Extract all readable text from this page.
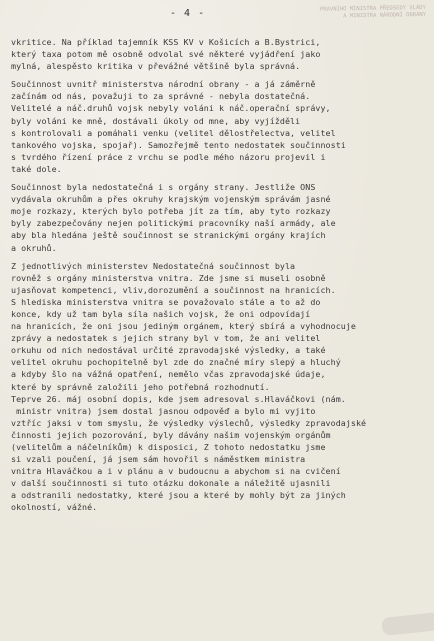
- 4 -	PRAVNÍHO MÍNISTRA PŘEDSEDY VLÁDY
A MINISTRA NÁRODNÍ OBRANY
vkritice. Na příklad tajemník KSS KV v Košicích a B.Bystrici,
který taxa potom mě osobně odvolal své některé vyjádření jako
mylná, alespěsto kritika v převážné většině byla správná.
Součinnost uvnitř ministerstva národní obrany - a já záměrně
začínám od nás, považuji to za správné - nebyla dostatečná.
Velitelé a náč.druhů vojsk nebyly voláni k náč.operační správy,
byly voláni ke mně, dostávali úkoly od mne, aby vyjížděli
s kontrolovali a pomáhali venku (velitel dělostřelectva, velitel
tankového vojska, spojař). Samozřejmě tento nedostatek součinnosti
s tvrdého řízení práce z vrchu se podle mého názoru projevil i
také dole.
Součinnost byla nedostatečná i s orgány strany. Jestliže ONS
vydávala okruhům a přes okruhy krajským vojenským správám jasné
moje rozkazy, kterých bylo potřeba jít za tím, aby tyto rozkazy
byly zabezpečovány nejen politickými pracovníky naší armády, ale
aby bla hledána ještě součinnost se stranickými orgány krajích
a okruhů.
Z jednotlivých ministerstev Nedostatečná součinnost byla
rovněž s orgány ministerstva vnitra. Zde jsme si museli osobně
ujasňovat kompetenci, vliv,dorozumění a součinnost na hranicích.
S hlediska ministerstva vnitra se považovalo stále a to až do
konce, kdy už tam byla síla našich vojsk, že oni odpovídají
na hranicích, že oni jsou jediným orgánem, který sbírá a vyhodnocuje
zprávy a nedostatek s jejich strany byl v tom, že ani velitel
orkuhu od nich nedostával určité zpravodajské výsledky, a také
velitel okruhu pochopitelně byl zde do značné míry slepý a hluchý
a kdyby šlo na vážná opatření, nemělo včas zpravodajské údaje,
které by správně založili jeho potřebná rozhodnutí.
Teprve 26. máj osobní dopis, kde jsem adresoval s.Hlaváčkovi (nám.
ministr vnitra) jsem dostal jasnou odpověď a bylo mi vyjito
vztříc jaksi v tom smyslu, že výsledky výslechů, výsledky zpravodajské
činnosti jejich pozorování, byly dávány našim vojenským orgánům
(velitelům a náčelníkům) k disposici, Z tohoto nedostatku jsme
si vzali poučení, já jsem sám hovořil s náměstkem ministra
vnitra Hlaváčkou a i v plánu a v budoucnu a abychom si na cvičení
v další součinnosti si tuto otázku dokonale a náležitě ujasnili
a odstranili nedostatky, které jsou a které by mohly být za jiných
okolností, vážné.
